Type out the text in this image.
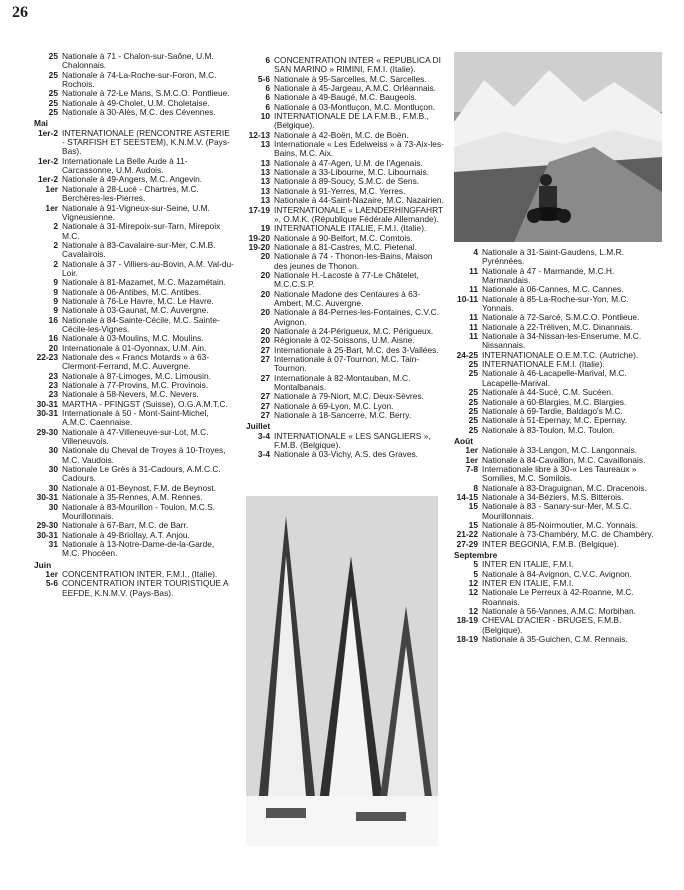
26
25 Nationale à 71 - Chalon-sur-Saône, U.M. Chalonnais.
25 Nationale à 74-La-Roche-sur-Foron, M.C. Rochois.
25 Nationale à 72-Le Mans, S.M.C.O. Pontlieue.
25 Nationale à 49-Cholet, U.M. Choletaise.
25 Nationale à 30-Alès, M.C. des Cévennes.
Mai
1er-2 INTERNATIONALE (RENCONTRE ASTERIE - STARFISH ET SEESTEM), K.N.M.V. (Pays-Bas).
1er-2 Internationale La Belle Aude à 11-Carcassonne, U.M. Audois.
1er-2 Nationale à 49-Angers, M.C. Angevin.
1er Nationale à 28-Lucé - Chartres, M.C. Berchères-les-Pierres.
1er Nationale à 91-Vigneux-sur-Seine, U.M. Vigneusienne.
2 Nationale à 31-Mirepoix-sur-Tarn, Mirepoix M.C.
2 Nationale à 83-Cavalaire-sur-Mer, C.M.B. Cavalairois.
2 Nationale à 37 - Villiers-au-Bovin, A.M. Val-du-Loir.
9 Nationale à 81-Mazamet, M.C. Mazamétain.
9 Nationale à 06-Antibes, M.C. Antibes.
9 Nationale à 76-Le Havre, M.C. Le Havre.
9 Nationale à 03-Gaunat, M.C. Auvergne.
16 Nationale à 84-Sainte-Cécile, M.C. Sainte-Cécile-les-Vignes.
16 Nationale à 03-Moulins, M.C. Moulins.
20 Internationale à 01-Oyonnax, U.M. Ain.
22-23 Nationale des « Francs Motards » à 63-Clermont-Ferrand, M.C. Auvergne.
23 Nationale à 87-Limoges, M.C. Limousin.
23 Nationale à 77-Provins, M.C. Provinois.
23 Nationale à 58-Nevers, M.C. Nevers.
30-31 MARTHA - PFINGST (Suisse), O.G.A.M.T.C.
30-31 Internationale à 50 - Mont-Saint-Michel, A.M.C. Caennaise.
29-30 Nationale à 47-Villeneuve-sur-Lot, M.C. Villeneuvois.
30 Nationale du Cheval de Troyes à 10-Troyes, M.C. Vaudois.
30 Nationale Le Grès à 31-Cadours, A.M.C.C. Cadours.
30 Nationale à 01-Beynost, F.M. de Beynost.
30-31 Nationale à 35-Rennes, A.M. Rennes.
30 Nationale à 83-Mourillon - Toulon, M.C.S. Mourillonnais.
29-30 Nationale à 67-Barr, M.C. de Barr.
30-31 Nationale à 49-Briollay, A.T. Anjou.
31 Nationale à 13-Notre-Dame-de-la-Garde, M.C. Phocéen.
Juin
1er CONCENTRATION INTER, F.M.I., (Italie).
5-6 CONCENTRATION INTER TOURISTIQUE A EEFDE, K.N.M.V. (Pays-Bas).
6 CONCENTRATION INTER « REPUBLICA DI SAN MARINO » RIMINI, F.M.I. (Italie).
5-6 Nationale à 95-Sarcelles, M.C. Sarcelles.
6 Nationale à 45-Jargeau, A.M.C. Orléannais.
6 Nationale à 49-Baugé, M.C. Baugeois.
6 Nationale à 03-Montluçon, M.C. Montluçon.
10 INTERNATIONALE DE LA F.M.B., F.M.B., (Belgique).
12-13 Nationale à 42-Boën, M.C. de Boën.
13 Internationale « Les Edelweiss » à 73-Aix-les-Bains, M.C. Aix.
13 Nationale à 47-Agen, U.M. de l'Agenais.
13 Nationale à 33-Libourne, M.C. Libournais.
13 Nationale à 89-Soucy, S.M.C. de Sens.
13 Nationale à 91-Yerres, M.C. Yerres.
13 Nationale à 44-Saint-Nazaire, M.C. Nazairien.
17-19 INTERNATIONALE « LAENDERHINGFAHRT », O.M.K. (République Fédérale Allemande).
19 INTERNATIONALE ITALIE, F.M.I. (Italie).
19-20 Nationale à 90-Belfort, M.C. Comtois.
19-20 Nationale à 81-Castres, M.C. Pietenal.
20 Nationale à 74 - Thonon-les-Bains, Maison des jeunes de Thonon.
20 Nationale H.-Lacoste à 77-Le Châtelet, M.C.C.S.P.
20 Nationale Madone des Centaures à 63-Ambert, M.C. Auvergne.
20 Nationale à 84-Pernes-les-Fontaines, C.V.C. Avignon.
20 Nationale à 24-Périgueux, M.C. Périgueux.
20 Régionale à 02-Soissons, U.M. Aisne.
27 Internationale à 25-Bart, M.C. des 3-Vallées.
27 Internationale à 07-Tournon, M.C. Tain-Tournon.
27 Internationale à 82-Montauban, M.C. Montalbanais.
27 Nationale à 79-Niort, M.C. Deux-Sèvres.
27 Nationale à 69-Lyon, M.C. Lyon.
27 Nationale à 18-Sancerre, M.C. Berry.
Juillet
3-4 INTERNATIONALE « LES SANGLIERS », F.M.B. (Belgique).
3-4 Nationale à 03-Vichy, A.S. des Graves.
4 Nationale à 31-Saint-Gaudens, L.M.R. Pyrénnées.
11 Nationale à 47 - Marmande, M.C.H. Marmandais.
11 Nationale à 06-Cannes, M.C. Cannes.
10-11 Nationale à 85-La-Roche-sur-Yon, M.C. Yonnais.
11 Nationale à 72-Sarcé, S.M.C.O. Pontlieue.
11 Nationale à 22-Tréliven, M.C. Dinannais.
11 Nationale à 34-Nissan-les-Enserume, M.C. Nissannais.
24-25 INTERNATIONALE O.E.M.T.C. (Autriche).
25 INTERNATIONALE F.M.I. (Italie).
25 Nationale à 46-Lacapelle-Marival, M.C. Lacapelle-Marival.
25 Nationale à 44-Sucé, C.M. Sucéen.
25 Nationale à 60-Blargies, M.C. Blargies.
25 Nationale à 69-Tardie, Baldago's M.C.
25 Nationale à 51-Epernay, M.C. Epernay.
25 Nationale à 83-Toulon, M.C. Toulon.
Août
1er Nationale à 33-Langon, M.C. Langonnais.
1er Nationale à 84-Cavaillon, M.C. Cavaillonais.
7-8 Internationale libre à 30-« Les Taureaux » Somilies, M.C. Somilois.
8 Nationale à 83-Draguignan, M.C. Dracenois.
14-15 Nationale à 34-Béziers, M.S. Bitterois.
15 Nationale à 83 - Sanary-sur-Mer, M.S.C. Mourillonnais.
15 Nationale à 85-Noirmoutier, M.C. Yonnais.
21-22 Nationale à 73-Chambéry, M.C. de Chambéry.
27-29 INTER BEGONIA, F.M.B. (Belgique).
Septembre
5 INTER EN ITALIE, F.M.I.
5 Nationale à 84-Avignon, C.V.C. Avignon.
12 INTER EN ITALIE, F.M.I.
12 Nationale Le Perreux à 42-Roanne, M.C. Roannais.
12 Nationale à 56-Vannes, A.M.C. Morbihan.
18-19 CHEVAL D'ACIER - BRUGES, F.M.B. (Belgique).
18-19 Nationale à 35-Guichen, C.M. Rennais.
